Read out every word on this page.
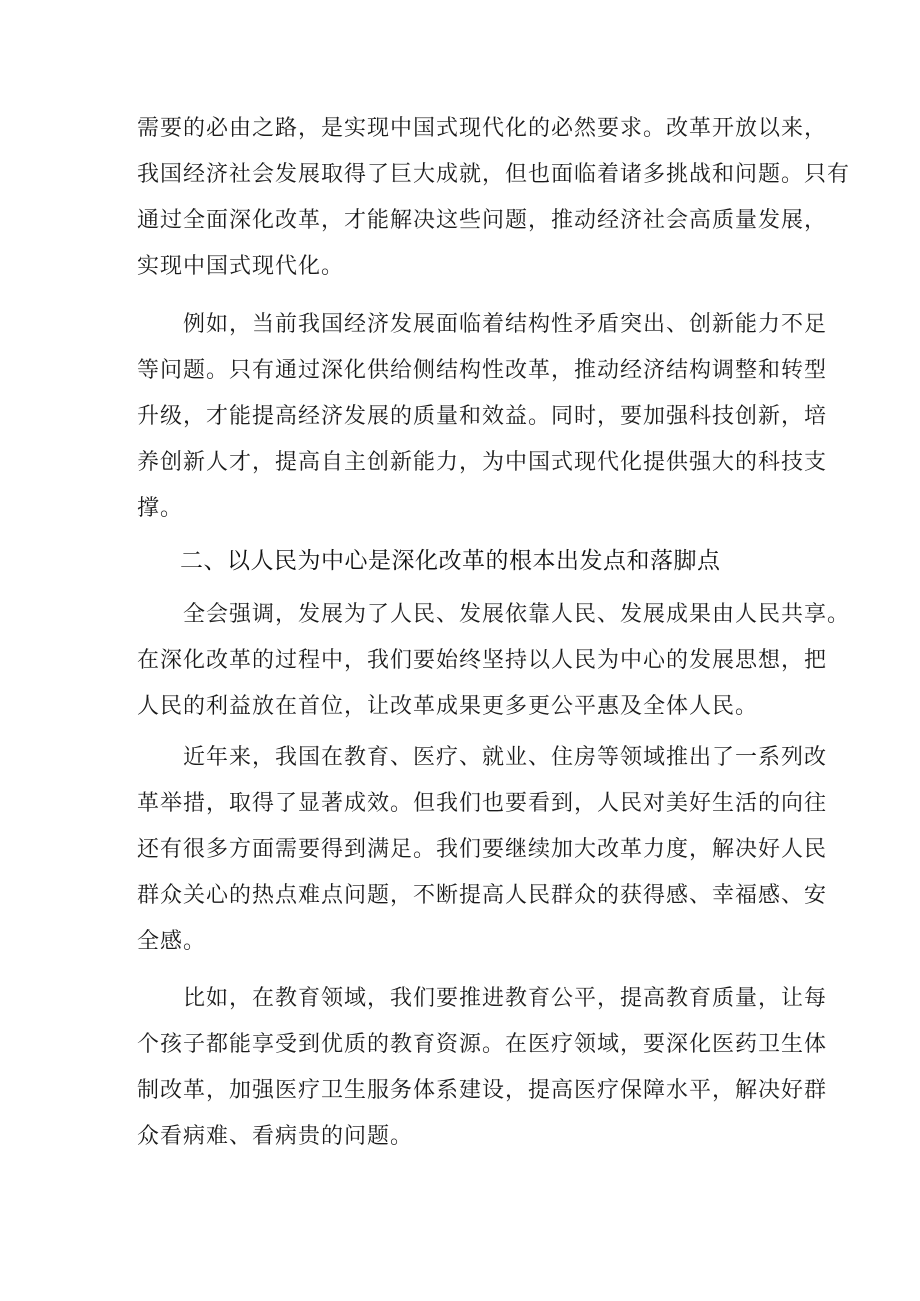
需要的必由之路，是实现中国式现代化的必然要求。改革开放以来，
我国经济社会发展取得了巨大成就，但也面临着诸多挑战和问题。只有
通过全面深化改革，才能解决这些问题，推动经济社会高质量发展，
实现中国式现代化。

　　例如，当前我国经济发展面临着结构性矛盾突出、创新能力不足
等问题。只有通过深化供给侧结构性改革，推动经济结构调整和转型
升级，才能提高经济发展的质量和效益。同时，要加强科技创新，培
养创新人才，提高自主创新能力，为中国式现代化提供强大的科技支
撑。

二、以人民为中心是深化改革的根本出发点和落脚点

　　全会强调，发展为了人民、发展依靠人民、发展成果由人民共享。
在深化改革的过程中，我们要始终坚持以人民为中心的发展思想，把
人民的利益放在首位，让改革成果更多更公平惠及全体人民。

　　近年来，我国在教育、医疗、就业、住房等领域推出了一系列改
革举措，取得了显著成效。但我们也要看到，人民对美好生活的向往
还有很多方面需要得到满足。我们要继续加大改革力度，解决好人民
群众关心的热点难点问题，不断提高人民群众的获得感、幸福感、安
全感。

　　比如，在教育领域，我们要推进教育公平，提高教育质量，让每
个孩子都能享受到优质的教育资源。在医疗领域，要深化医药卫生体
制改革，加强医疗卫生服务体系建设，提高医疗保障水平，解决好群
众看病难、看病贵的问题。
